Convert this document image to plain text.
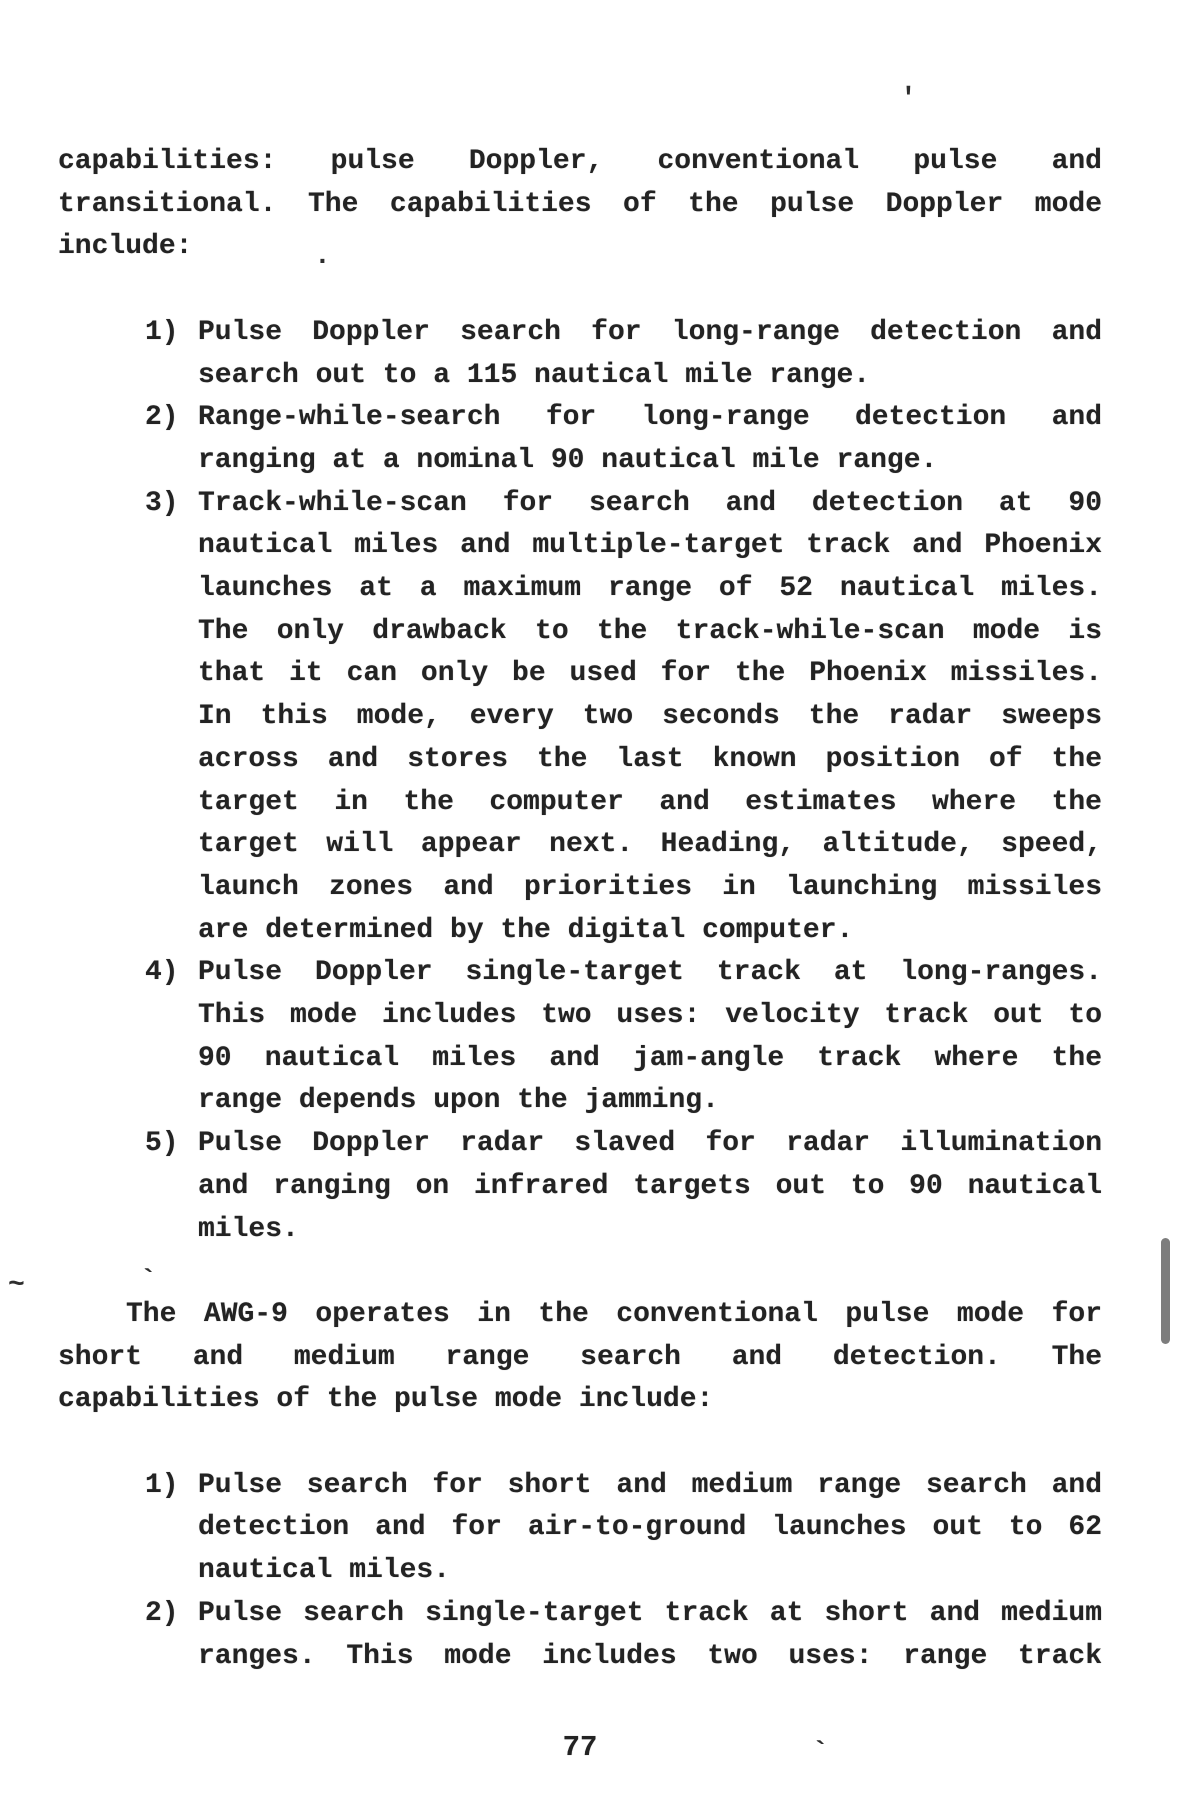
capabilities: pulse Doppler, conventional pulse and
transitional. The capabilities of the pulse Doppler mode
include:
1) Pulse Doppler search for long-range detection and
search out to a 115 nautical mile range.
2) Range-while-search for long-range detection and
ranging at a nominal 90 nautical mile range.
3) Track-while-scan for search and detection at 90
nautical miles and multiple-target track and Phoenix
launches at a maximum range of 52 nautical miles.
The only drawback to the track-while-scan mode is
that it can only be used for the Phoenix missiles.
In this mode, every two seconds the radar sweeps
across and stores the last known position of the
target in the computer and estimates where the
target will appear next. Heading, altitude, speed,
launch zones and priorities in launching missiles
are determined by the digital computer.
4) Pulse Doppler single-target track at long-ranges.
This mode includes two uses: velocity track out to
90 nautical miles and jam-angle track where the
range depends upon the jamming.
5) Pulse Doppler radar slaved for radar illumination
and ranging on infrared targets out to 90 nautical
miles.
The AWG-9 operates in the conventional pulse mode for
short and medium range search and detection. The
capabilities of the pulse mode include:
1) Pulse search for short and medium range search and
detection and for air-to-ground launches out to 62
nautical miles.
2) Pulse search single-target track at short and medium
ranges. This mode includes two uses: range track
77
'
.
~	`
`
